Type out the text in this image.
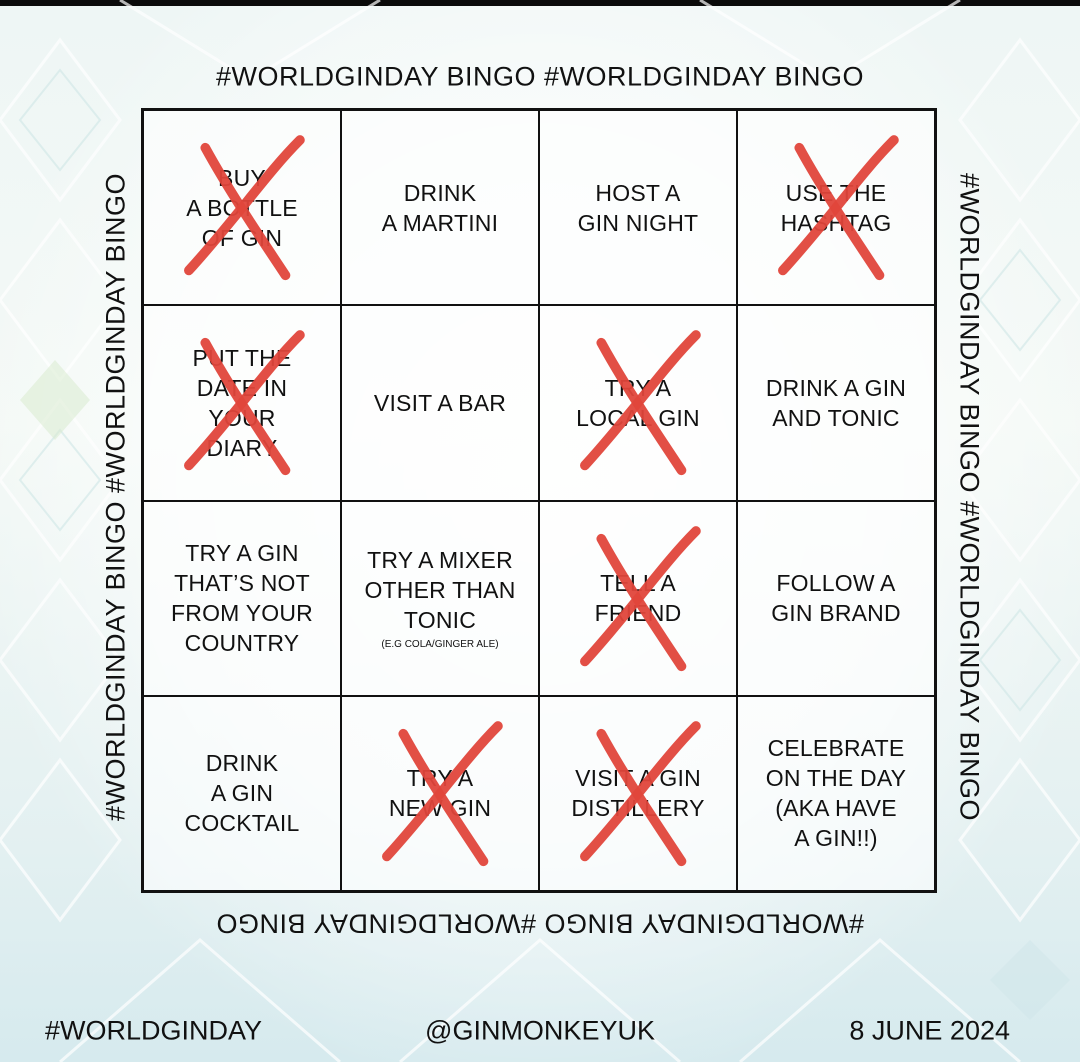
#WORLDGINDAY BINGO #WORLDGINDAY BINGO
#WORLDGINDAY BINGO #WORLDGINDAY BINGO	#WORLDGINDAY BINGO #WORLDGINDAY BINGO
#WORLDGINDAY BINGO #WORLDGINDAY BINGO
BUY
A BOTTLE
OF GIN
DRINK
A MARTINI
HOST A
GIN NIGHT
USE THE
HASHTAG
PUT THE
DATE IN
YOUR
DIARY
VISIT A BAR
TRY A
LOCAL GIN
DRINK A GIN
AND TONIC
TRY A GIN
THAT’S NOT
FROM YOUR
COUNTRY
TRY A MIXER
OTHER THAN
TONIC
(E.G COLA/GINGER ALE)
TELL A
FRIEND
FOLLOW A
GIN BRAND
DRINK
A GIN
COCKTAIL
TRY A
NEW GIN
VISIT A GIN
DISTILLERY
CELEBRATE
ON THE DAY
(AKA HAVE
A GIN!!)
#WORLDGINDAY	@GINMONKEYUK	8 JUNE 2024
